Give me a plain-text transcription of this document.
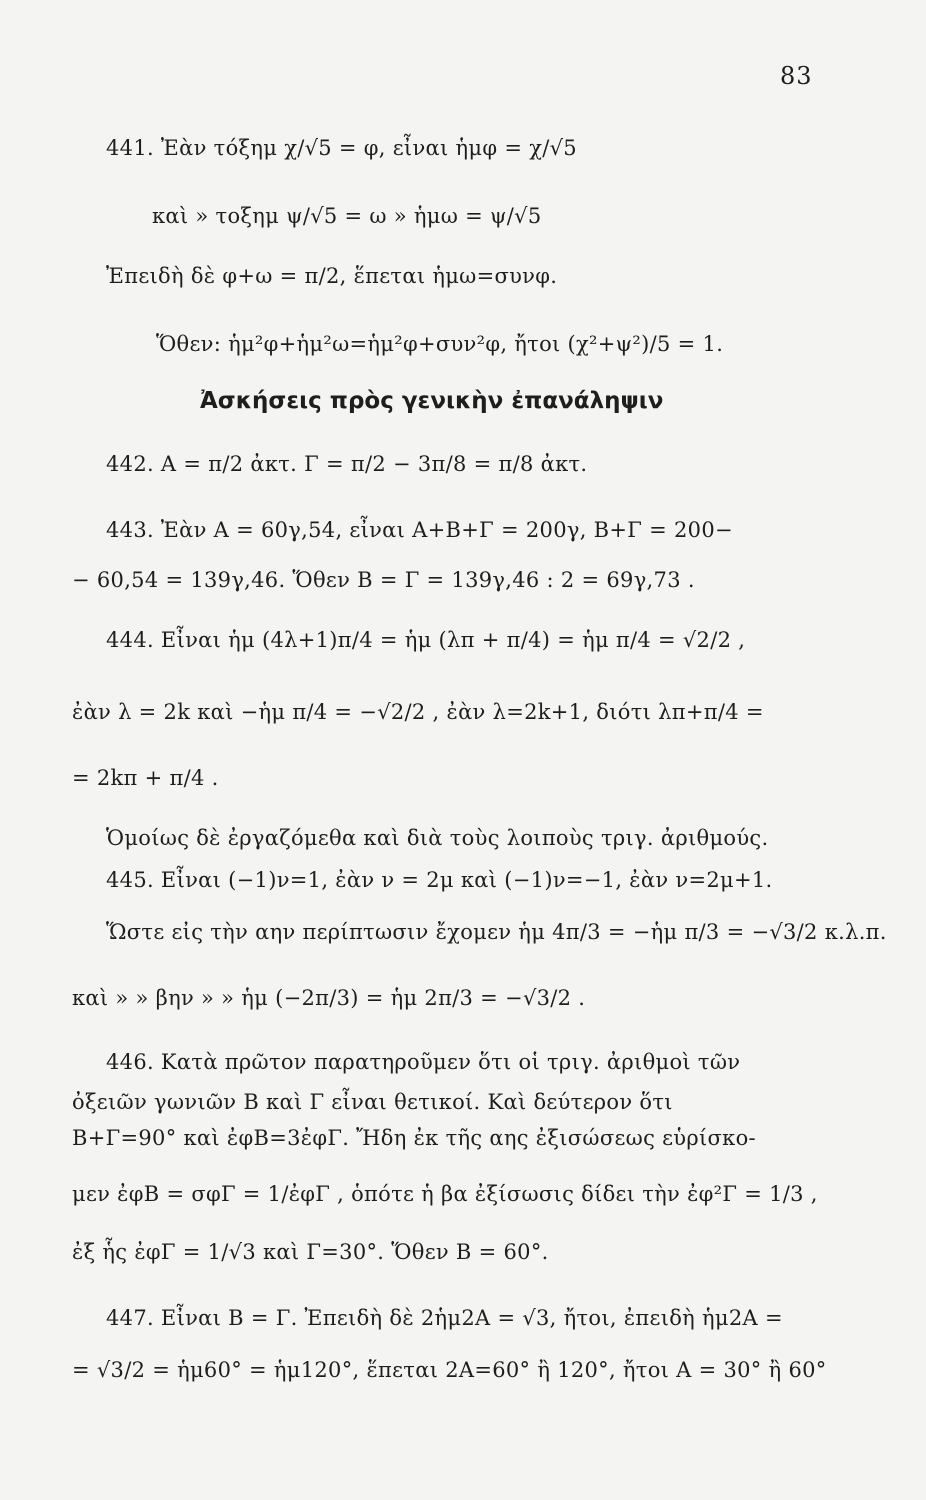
83
441. Ἐὰν τόξημ χ/√5 = φ, εἶναι ἡμφ = χ/√5
καὶ » τοξημ ψ/√5 = ω » ἡμω = ψ/√5
Ἐπειδὴ δὲ φ+ω = π/2, ἕπεται ἡμω=συνφ.
Ὅθεν: ἡμ²φ+ἡμ²ω=ἡμ²φ+συν²φ, ἤτοι (χ²+ψ²)/5 = 1.
Ἀσκήσεις πρὸς γενικὴν ἐπανάληψιν
442. Α = π/2 ἀκτ. Γ = π/2 − 3π/8 = π/8 ἀκτ.
443. Ἐὰν Α = 60γ,54, εἶναι Α+Β+Γ = 200γ, Β+Γ = 200−
− 60,54 = 139γ,46. Ὅθεν Β = Γ = 139γ,46 : 2 = 69γ,73 .
444. Εἶναι ἡμ (4λ+1)π/4 = ἡμ (λπ + π/4) = ἡμ π/4 = √2/2 ,
ἐὰν λ = 2k καὶ −ἡμ π/4 = −√2/2 , ἐὰν λ=2k+1, διότι λπ+π/4 =
= 2kπ + π/4 .
Ὁμοίως δὲ ἐργαζόμεθα καὶ διὰ τοὺς λοιποὺς τριγ. ἀριθμούς.
445. Εἶναι (−1)ν=1, ἐὰν ν = 2μ καὶ (−1)ν=−1, ἐὰν ν=2μ+1.
Ὥστε εἰς τὴν αην περίπτωσιν ἔχομεν ἡμ 4π/3 = −ἡμ π/3 = −√3/2 κ.λ.π.
καὶ » » βην » » ἡμ (−2π/3) = ἡμ 2π/3 = −√3/2 .
446. Κατὰ πρῶτον παρατηροῦμεν ὅτι οἱ τριγ. ἀριθμοὶ τῶν
ὀξειῶν γωνιῶν Β καὶ Γ εἶναι θετικοί. Καὶ δεύτερον ὅτι
Β+Γ=90° καὶ ἐφΒ=3ἐφΓ. Ἤδη ἐκ τῆς αης ἐξισώσεως εὑρίσκο-
μεν ἐφΒ = σφΓ = 1/ἐφΓ , ὁπότε ἡ βα ἐξίσωσις δίδει τὴν ἐφ²Γ = 1/3 ,
ἐξ ἧς ἐφΓ = 1/√3 καὶ Γ=30°. Ὅθεν Β = 60°.
447. Εἶναι Β = Γ. Ἐπειδὴ δὲ 2ἡμ2Α = √3, ἤτοι, ἐπειδὴ ἡμ2Α =
= √3/2 = ἡμ60° = ἡμ120°, ἕπεται 2Α=60° ἢ 120°, ἤτοι Α = 30° ἢ 60°
